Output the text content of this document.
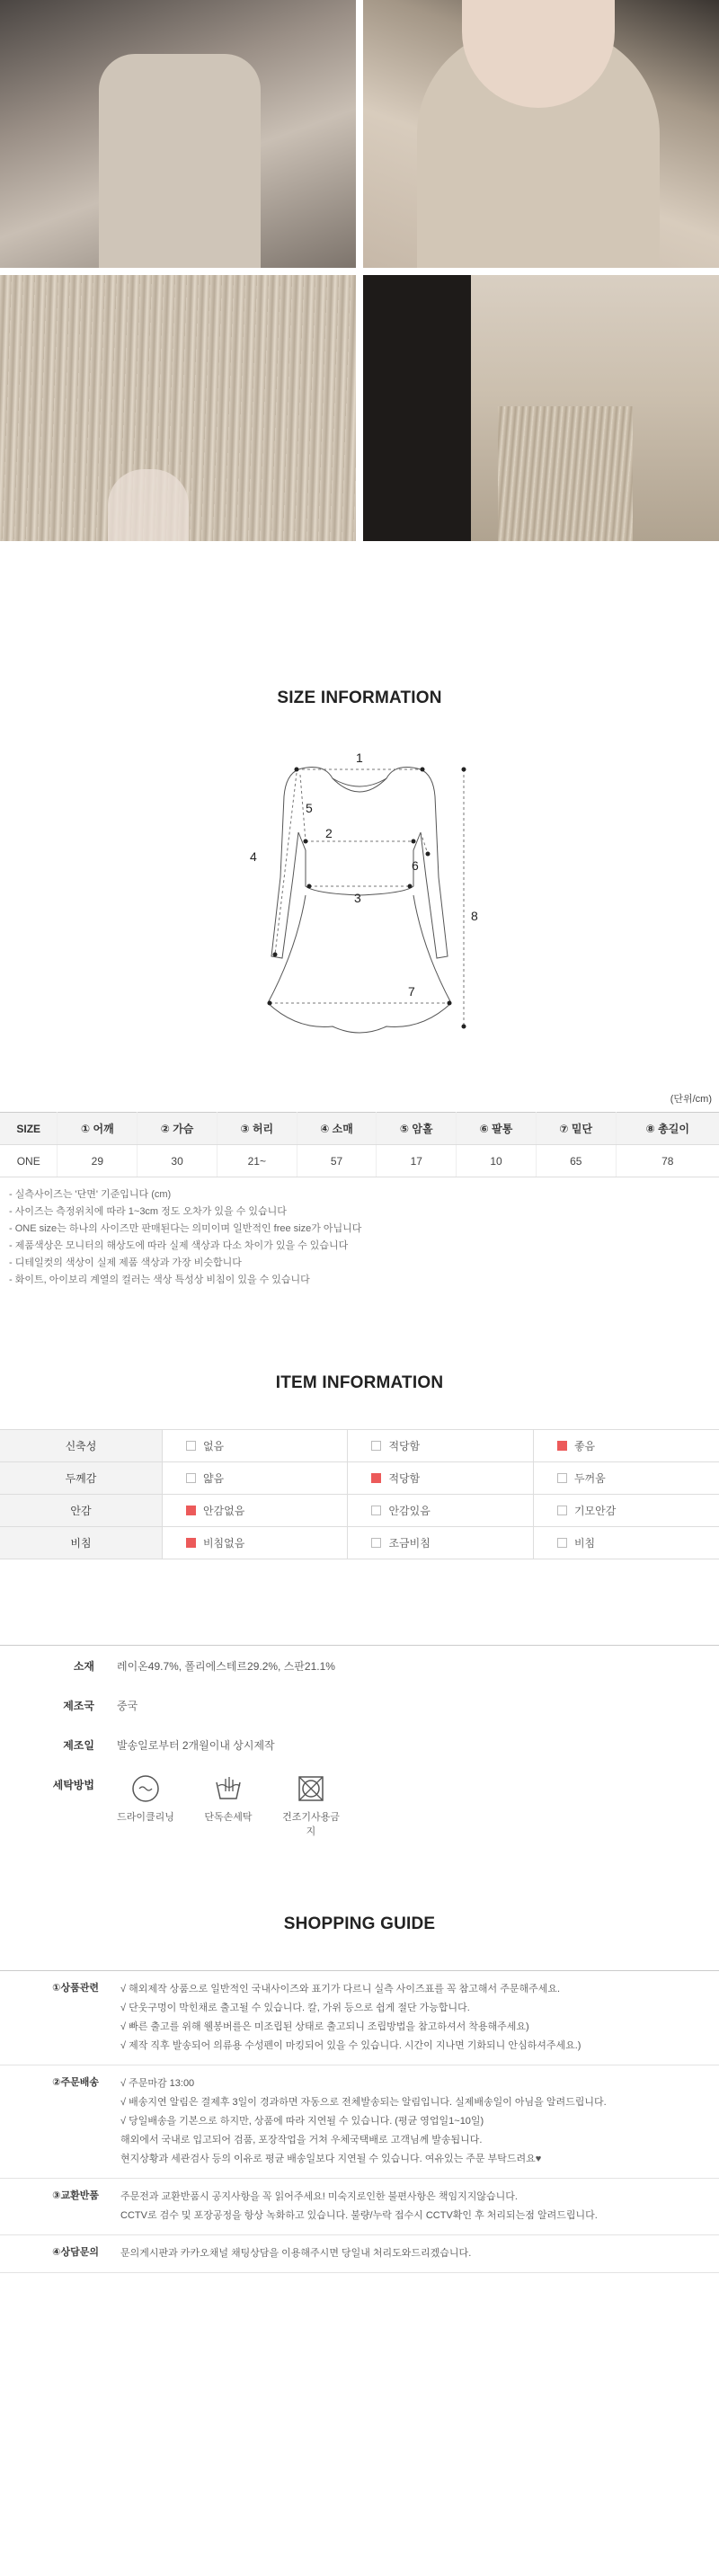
SIZE INFORMATION
1
2
3
4
5
6
7
8
(단위/cm)
SIZE	① 어깨	② 가슴	③ 허리	④ 소매	⑤ 암홀	⑥ 팔통	⑦ 밑단	⑧ 총길이
ONE	29	30	21~	57	17	10	65	78
- 실측사이즈는 '단면' 기준입니다 (cm)
- 사이즈는 측정위치에 따라 1~3cm 정도 오차가 있을 수 있습니다
- ONE size는 하나의 사이즈만 판매된다는 의미이며 일반적인 free size가 아닙니다
- 제품색상은 모니터의 해상도에 따라 실제 색상과 다소 차이가 있을 수 있습니다
- 디테일컷의 색상이 실제 제품 색상과 가장 비슷합니다
- 화이트, 아이보리 계열의 컬러는 색상 특성상 비침이 있을 수 있습니다
ITEM INFORMATION
신축성	없음	적당함	좋음
두께감	얇음	적당함	두꺼움
안감	안감없음	안감있음	기모안감
비침	비침없음	조금비침	비침
소재 레이온49.7%, 폴리에스테르29.2%, 스판21.1%
제조국 중국
제조일 발송일로부터 2개월이내 상시제작
세탁방법
드라이클리닝	단독손세탁	건조기사용금지
SHOPPING GUIDE
①상품관련 √ 해외제작 상품으로 일반적인 국내사이즈와 표기가 다르니 실측 사이즈표를 꼭 참고해서 주문해주세요.
√ 단웃구멍이 막힌채로 출고될 수 있습니다. 칼, 가위 등으로 쉽게 절단 가능합니다.
√ 빠른 출고를 위해 웰봉버를은 미조립된 상태로 출고되니 조립방법을 참고하셔서 착용해주세요)
√ 제작 직후 발송되어 의류용 수성펜이 마킹되어 있을 수 있습니다. 시간이 지나면 기화되니 안심하셔주세요.)
②주문배송 √ 주문마감 13:00
√ 배송지연 알림은 결제후 3일이 경과하면 자동으로 전체발송되는 알림입니다. 실제배송일이 아님을 알려드립니다.
√ 당일배송을 기본으로 하지만, 상품에 따라 지연될 수 있습니다. (평균 영업일1~10일)
해외에서 국내로 입고되어 검품, 포장작업을 거쳐 우체국택배로 고객님께 발송됩니다.
현지상황과 세관검사 등의 이유로 평균 배송일보다 지연될 수 있습니다. 여유있는 주문 부탁드려요♥
③교환반품 주문전과 교환반품시 공지사항을 꼭 읽어주세요! 미숙지로인한 불편사항은 책임지지않습니다.
CCTV로 검수 및 포장공정을 항상 녹화하고 있습니다. 불량/누락 접수시 CCTV확인 후 처리되는점 알려드립니다.
④상담문의 문의게시판과 카카오채널 채팅상담을 이용해주시면 당일내 처리도와드리겠습니다.
